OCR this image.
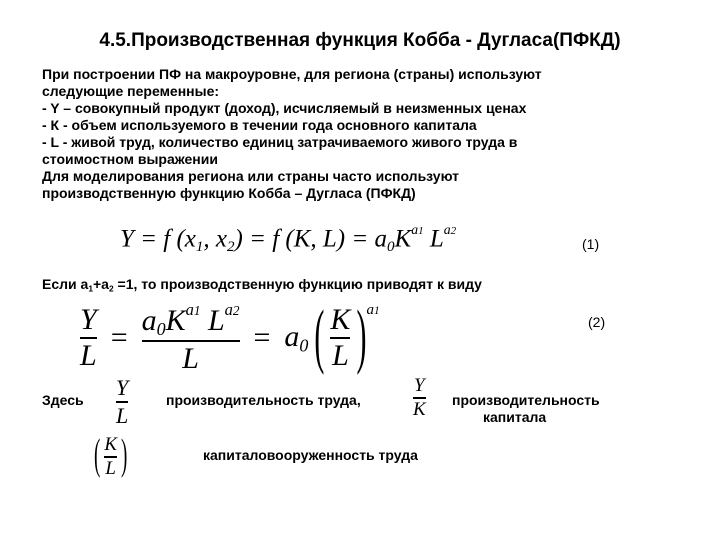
4.5.Производственная функция Кобба - Дугласа(ПФКД)
При построении ПФ на макроуровне, для региона (страны) используют
следующие переменные:
- Y – совокупный продукт (доход), исчисляемый в неизменных ценах
- К - объем используемого в течении года основного капитала
- L - живой труд, количество единиц затрачиваемого живого труда в
стоимостном выражении
Для моделирования региона или страны часто используют
производственную функцию Кобба – Дугласа (ПФКД)
Y = f ($x_1$, $x_2) = f$ (K, $L) = a_0K^{a1}$ $L^{a2}$
(1)
Если $a_1+a_2 =1$, то производственную функцию приводят к виду
$\frac{Y}{L} = \frac{a_0K^{a1} L^{a2}}{L} = a_0$ ( $\frac{K}{L}$ ) a1
(2)
Здесь $\frac{Y}{L}$	производительность труда,	$\frac{Y}{K}$ производительность
капитала
( $\frac{K}{L}$ )	капиталовооруженность труда
